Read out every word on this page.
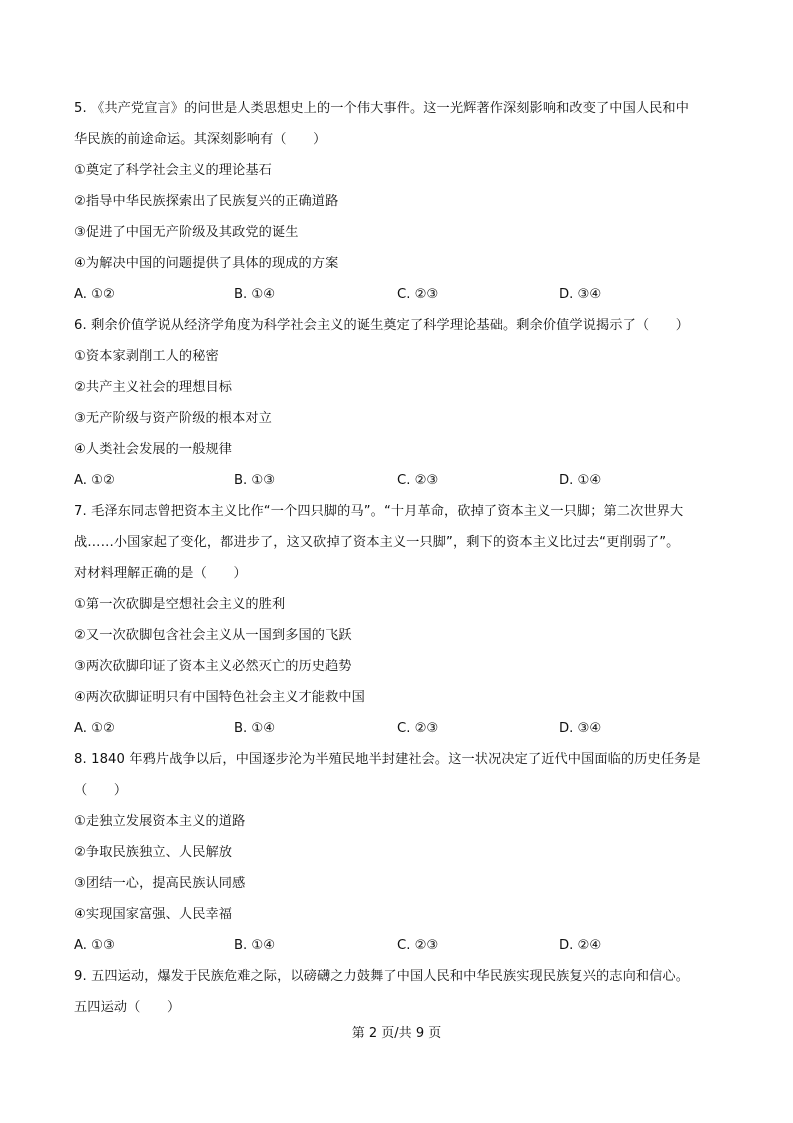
5. 《共产党宣言》的问世是人类思想史上的一个伟大事件。这一光辉著作深刻影响和改变了中国人民和中
华民族的前途命运。其深刻影响有（　　）
①奠定了科学社会主义的理论基石
②指导中华民族探索出了民族复兴的正确道路
③促进了中国无产阶级及其政党的诞生
④为解决中国的问题提供了具体的现成的方案
A. ①②	B. ①④	C. ②③	D. ③④
6. 剩余价值学说从经济学角度为科学社会主义的诞生奠定了科学理论基础。剩余价值学说揭示了（　　）
①资本家剥削工人的秘密
②共产主义社会的理想目标
③无产阶级与资产阶级的根本对立
④人类社会发展的一般规律
A. ①②	B. ①③	C. ②③	D. ①④
7. 毛泽东同志曾把资本主义比作“一个四只脚的马”。“十月革命，砍掉了资本主义一只脚；第二次世界大
战……小国家起了变化，都进步了，这又砍掉了资本主义一只脚”，剩下的资本主义比过去“更削弱了”。
对材料理解正确的是（　　）
①第一次砍脚是空想社会主义的胜利
②又一次砍脚包含社会主义从一国到多国的飞跃
③两次砍脚印证了资本主义必然灭亡的历史趋势
④两次砍脚证明只有中国特色社会主义才能救中国
A. ①②	B. ①④	C. ②③	D. ③④
8. 1840 年鸦片战争以后，中国逐步沦为半殖民地半封建社会。这一状况决定了近代中国面临的历史任务是
（　　）
①走独立发展资本主义的道路
②争取民族独立、人民解放
③团结一心，提高民族认同感
④实现国家富强、人民幸福
A. ①③	B. ①④	C. ②③	D. ②④
9. 五四运动，爆发于民族危难之际，以磅礴之力鼓舞了中国人民和中华民族实现民族复兴的志向和信心。
五四运动（　　）
第 2 页/共 9 页
